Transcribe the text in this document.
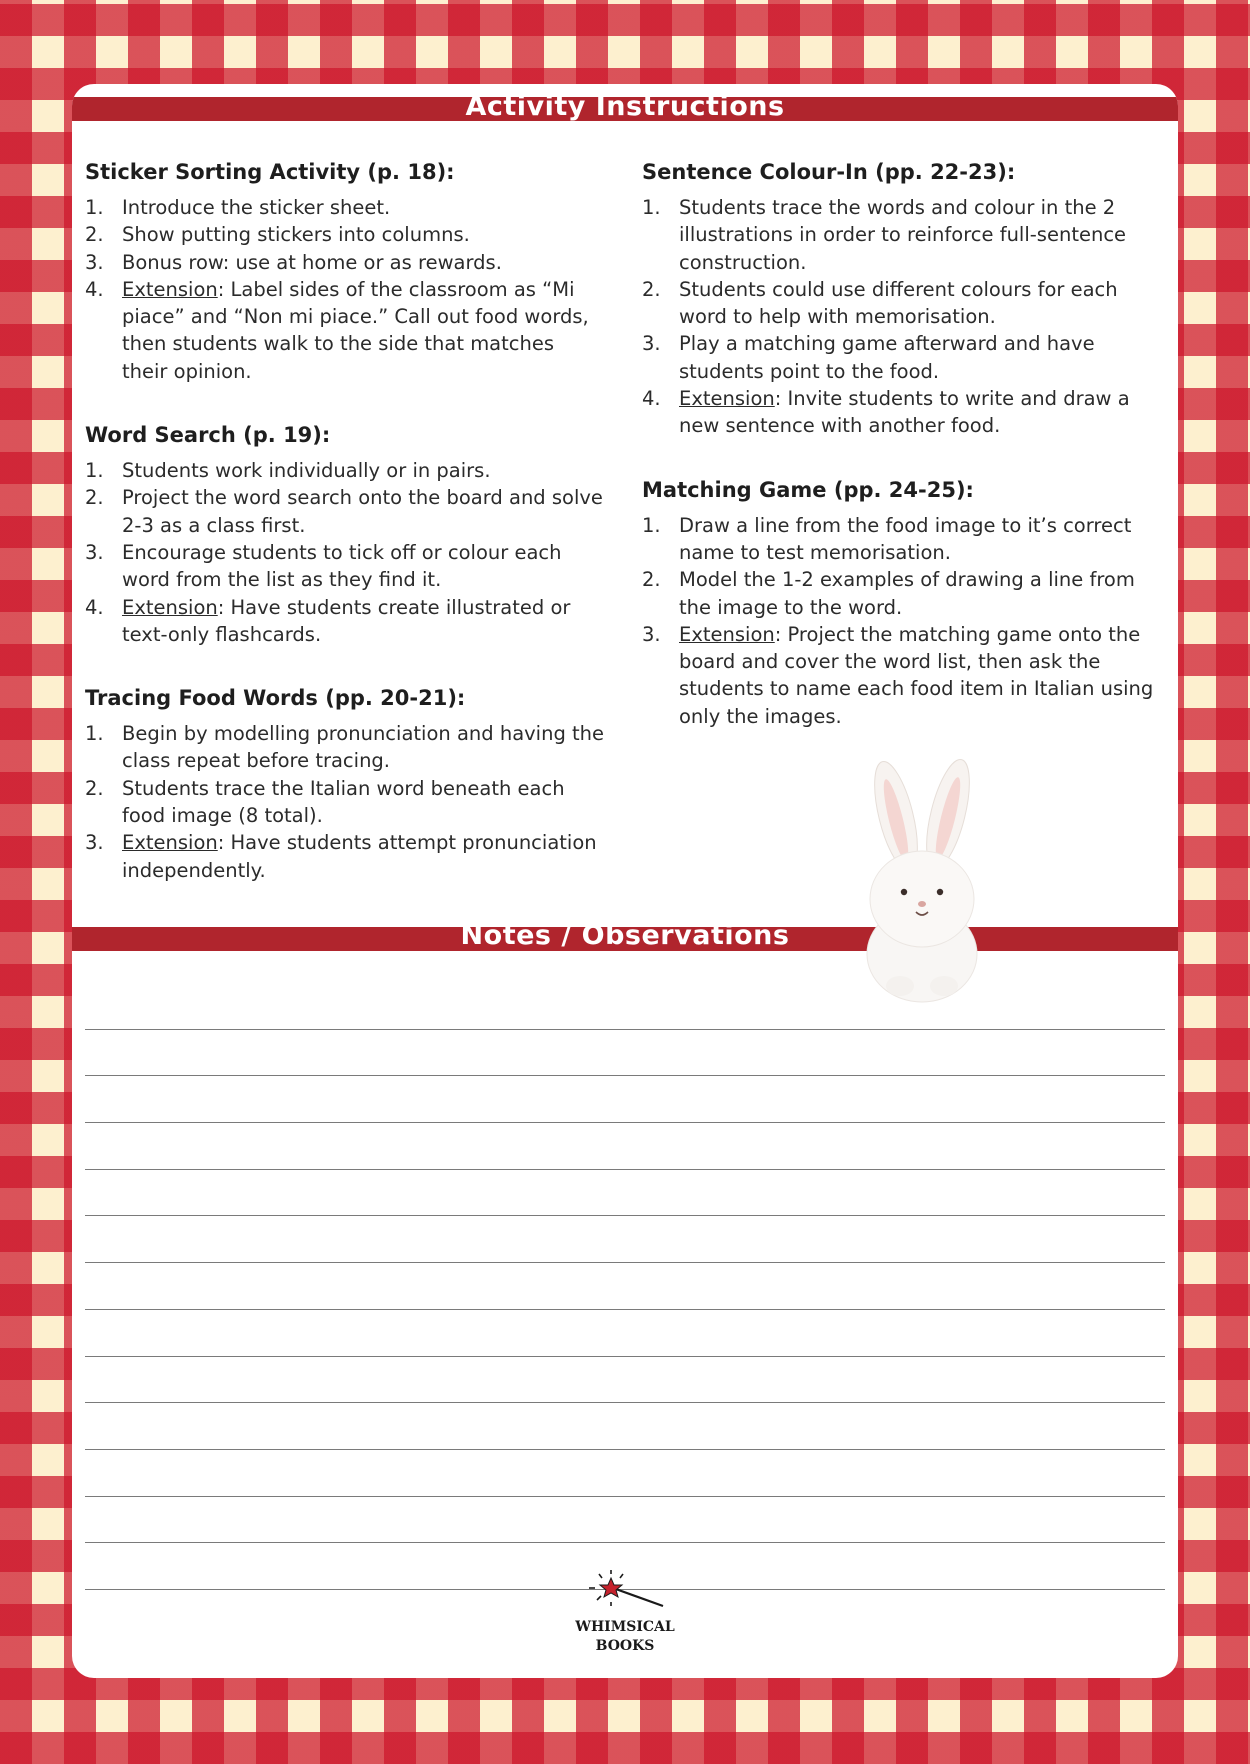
Activity Instructions
Sticker Sorting Activity (p. 18):
1. Introduce the sticker sheet.
2. Show putting stickers into columns.
3. Bonus row: use at home or as rewards.
4. Extension: Label sides of the classroom as “Mi piace” and “Non mi piace.” Call out food words, then students walk to the side that matches their opinion.
Word Search (p. 19):
1. Students work individually or in pairs.
2. Project the word search onto the board and solve 2-3 as a class first.
3. Encourage students to tick off or colour each word from the list as they find it.
4. Extension: Have students create illustrated or text-only flashcards.
Tracing Food Words (pp. 20-21):
1. Begin by modelling pronunciation and having the class repeat before tracing.
2. Students trace the Italian word beneath each food image (8 total).
3. Extension: Have students attempt pronunciation independently.
Sentence Colour-In (pp. 22-23):
1. Students trace the words and colour in the 2 illustrations in order to reinforce full-sentence construction.
2. Students could use different colours for each word to help with memorisation.
3. Play a matching game afterward and have students point to the food.
4. Extension: Invite students to write and draw a new sentence with another food.
Matching Game (pp. 24-25):
1. Draw a line from the food image to it’s correct name to test memorisation.
2. Model the 1-2 examples of drawing a line from the image to the word.
3. Extension: Project the matching game onto the board and cover the word list, then ask the students to name each food item in Italian using only the images.
Notes / Observations
WHIMSICAL
BOOKS
